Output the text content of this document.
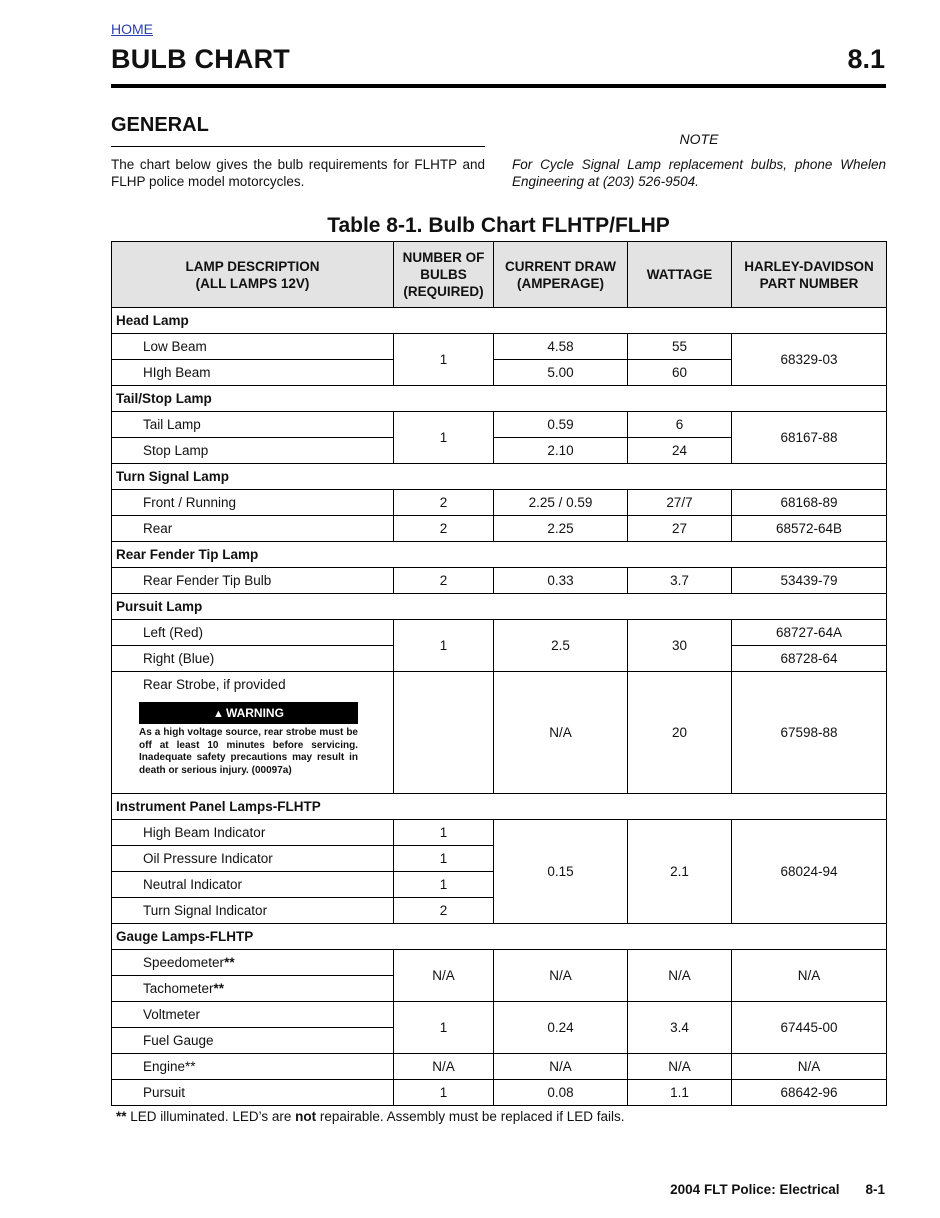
HOME
BULB CHART	8.1
GENERAL
The chart below gives the bulb requirements for FLHTP and FLHP police model motorcycles.
NOTE
For Cycle Signal Lamp replacement bulbs, phone Whelen Engineering at (203) 526-9504.
Table 8-1. Bulb Chart FLHTP/FLHP
LAMP DESCRIPTION
(ALL LAMPS 12V)	NUMBER OF
BULBS
(REQUIRED)	CURRENT DRAW
(AMPERAGE)	WATTAGE	HARLEY-DAVIDSON
PART NUMBER
Head Lamp				
Low Beam	1	4.58	55	68329-03
HIgh Beam		5.00	60	
Tail/Stop Lamp				
Tail Lamp	1	0.59	6	68167-88
Stop Lamp		2.10	24	
Turn Signal Lamp				
Front / Running	2	2.25 / 0.59	27/7	68168-89
Rear	2	2.25	27	68572-64B
Rear Fender Tip Lamp				
Rear Fender Tip Bulb	2	0.33	3.7	53439-79
Pursuit Lamp				
Left (Red)	1	2.5	30	68727-64A
Right (Blue)				68728-64

Rear Strobe, if provided
▲ WARNING
As a high voltage source, rear strobe must be off at least 10 minutes before servicing. Inadequate safety precautions may result in death or serious injury. (00097a)		N/A	20	67598-88
Instrument Panel Lamps-FLHTP				
High Beam Indicator	1	0.15	2.1	68024-94
Oil Pressure Indicator	1			
Neutral Indicator	1			
Turn Signal Indicator	2			
Gauge Lamps-FLHTP				
Speedometer**	N/A	N/A	N/A	N/A
Tachometer**				
Voltmeter	1	0.24	3.4	67445-00
Fuel Gauge				
Engine**	N/A	N/A	N/A	N/A
Pursuit	1	0.08	1.1	68642-96
** LED illuminated. LED’s are not repairable. Assembly must be replaced if LED fails.
2004 FLT Police: Electrical 8-1
